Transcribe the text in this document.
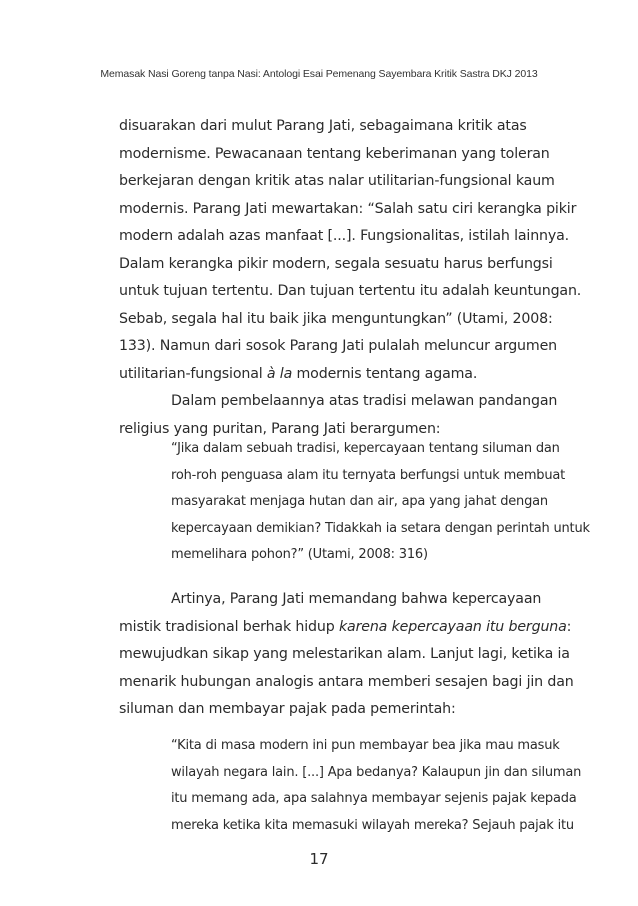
Memasak Nasi Goreng tanpa Nasi: Antologi Esai Pemenang Sayembara Kritik Sastra DKJ 2013
disuarakan dari mulut Parang Jati, sebagaimana kritik atas
modernisme. Pewacanaan tentang keberimanan yang toleran
berkejaran dengan kritik atas nalar utilitarian-fungsional kaum
modernis. Parang Jati mewartakan: “Salah satu ciri kerangka pikir
modern adalah azas manfaat [...]. Fungsionalitas, istilah lainnya.
Dalam kerangka pikir modern, segala sesuatu harus berfungsi
untuk tujuan tertentu. Dan tujuan tertentu itu adalah keuntungan.
Sebab, segala hal itu baik jika menguntungkan” (Utami, 2008:
133). Namun dari sosok Parang Jati pulalah meluncur argumen
utilitarian-fungsional à la modernis tentang agama.
Dalam pembelaannya atas tradisi melawan pandangan
religius yang puritan, Parang Jati berargumen:
“Jika dalam sebuah tradisi, kepercayaan tentang siluman dan
roh-roh penguasa alam itu ternyata berfungsi untuk membuat
masyarakat menjaga hutan dan air, apa yang jahat dengan
kepercayaan demikian? Tidakkah ia setara dengan perintah untuk
memelihara pohon?” (Utami, 2008: 316)
Artinya, Parang Jati memandang bahwa kepercayaan
mistik tradisional berhak hidup karena kepercayaan itu berguna:
mewujudkan sikap yang melestarikan alam. Lanjut lagi, ketika ia
menarik hubungan analogis antara memberi sesajen bagi jin dan
siluman dan membayar pajak pada pemerintah:
“Kita di masa modern ini pun membayar bea jika mau masuk
wilayah negara lain. [...] Apa bedanya? Kalaupun jin dan siluman
itu memang ada, apa salahnya membayar sejenis pajak kepada
mereka ketika kita memasuki wilayah mereka? Sejauh pajak itu
17
